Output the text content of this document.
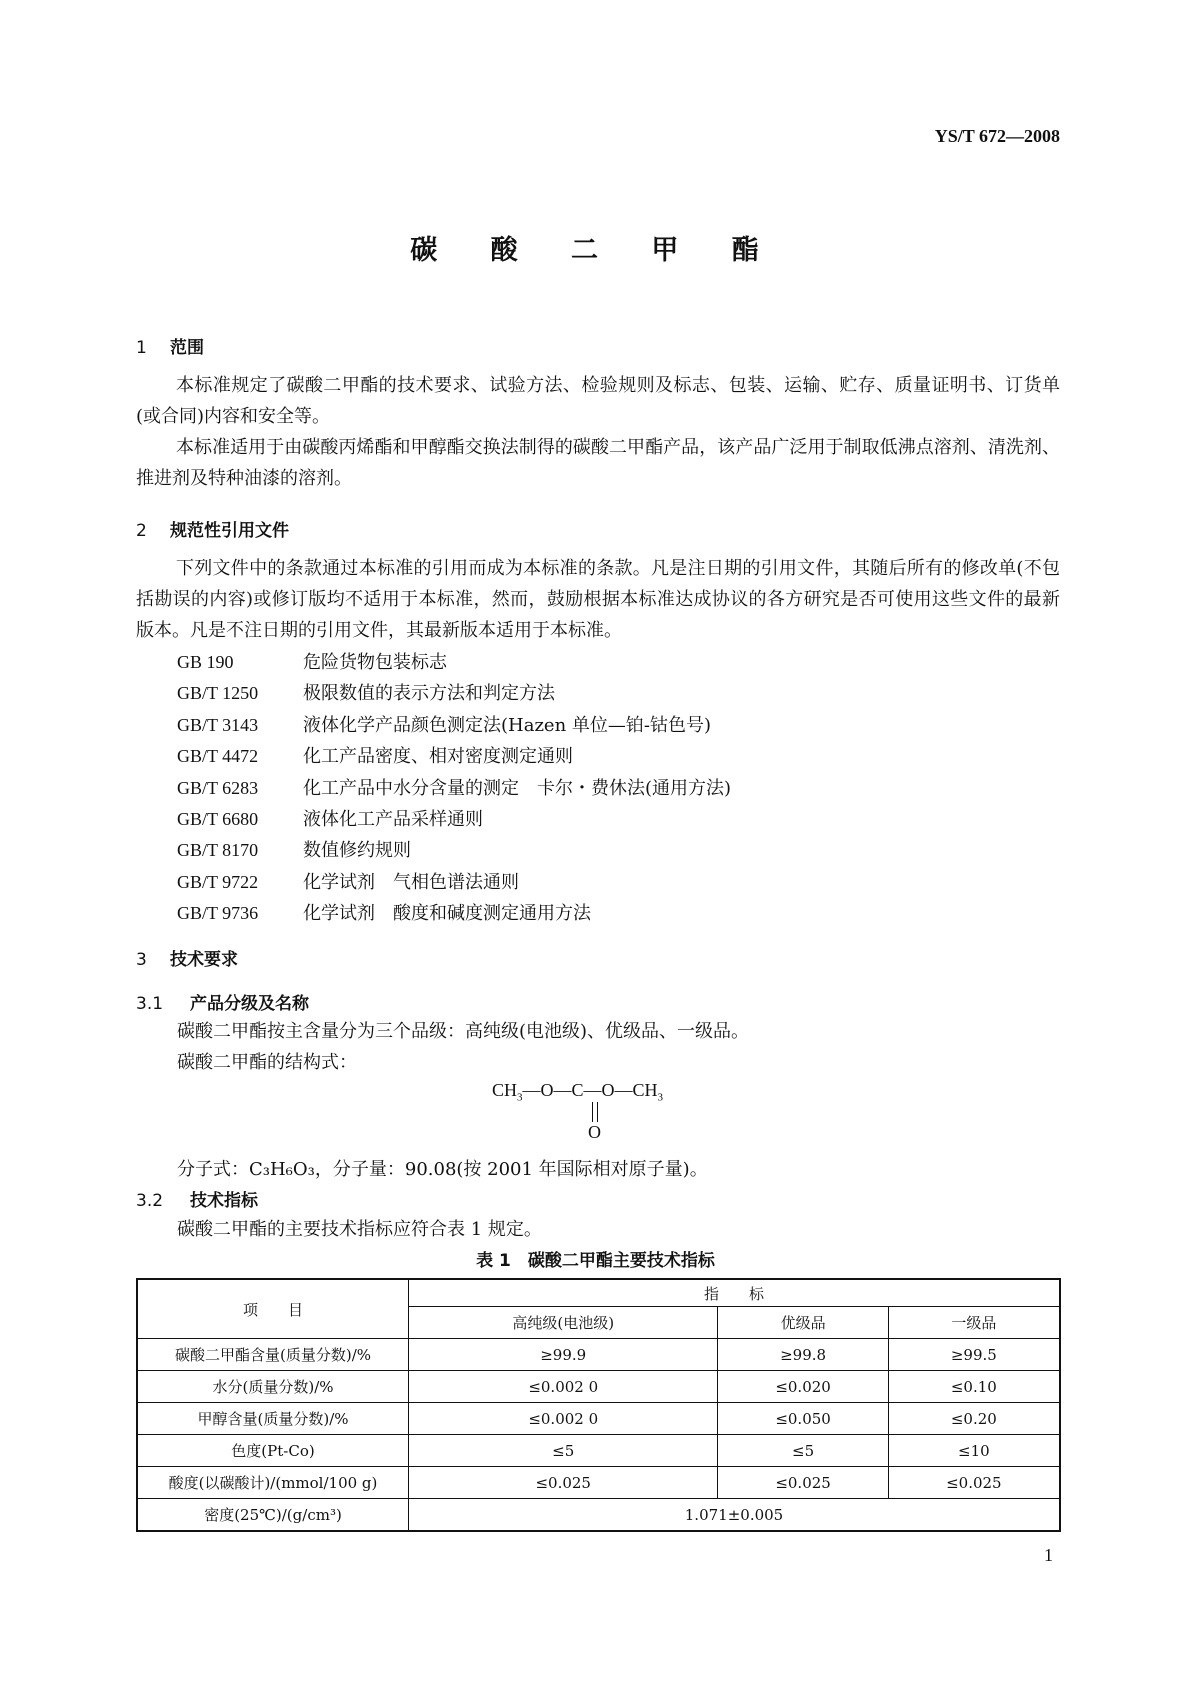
YS/T 672—2008
碳 酸 二 甲 酯
1 范围
本标准规定了碳酸二甲酯的技术要求、试验方法、检验规则及标志、包装、运输、贮存、质量证明书、订货单(或合同)内容和安全等。
本标准适用于由碳酸丙烯酯和甲醇酯交换法制得的碳酸二甲酯产品，该产品广泛用于制取低沸点溶剂、清洗剂、推进剂及特种油漆的溶剂。
2 规范性引用文件
下列文件中的条款通过本标准的引用而成为本标准的条款。凡是注日期的引用文件，其随后所有的修改单(不包括勘误的内容)或修订版均不适用于本标准，然而，鼓励根据本标准达成协议的各方研究是否可使用这些文件的最新版本。凡是不注日期的引用文件，其最新版本适用于本标准。
GB 190	危险货物包装标志
GB/T 1250 极限数值的表示方法和判定方法
GB/T 3143 液体化学产品颜色测定法(Hazen 单位—铂-钴色号)
GB/T 4472 化工产品密度、相对密度测定通则
GB/T 6283 化工产品中水分含量的测定　卡尔・费休法(通用方法)
GB/T 6680 液体化工产品采样通则
GB/T 8170 数值修约规则
GB/T 9722 化学试剂　气相色谱法通则
GB/T 9736 化学试剂　酸度和碱度测定通用方法
3 技术要求
3.1 产品分级及名称
碳酸二甲酯按主含量分为三个品级：高纯级(电池级)、优级品、一级品。
碳酸二甲酯的结构式：
$CH_3—O—C—O—CH_3$
O
分子式：C₃H₆O₃，分子量：90.08(按 2001 年国际相对原子量)。
3.2 技术指标
碳酸二甲酯的主要技术指标应符合表 1 规定。
表 1　碳酸二甲酯主要技术指标
项　　目	指　　标		
	高纯级(电池级)	优级品	一级品
碳酸二甲酯含量(质量分数)/%	≥99.9	≥99.8	≥99.5
水分(质量分数)/%	≤0.002 0	≤0.020	≤0.10
甲醇含量(质量分数)/%	≤0.002 0	≤0.050	≤0.20
色度(Pt-Co)	≤5	≤5	≤10
酸度(以碳酸计)/(mmol/100 g)	≤0.025	≤0.025	≤0.025
密度(25℃)/(g/cm³)	1.071±0.005		
1
